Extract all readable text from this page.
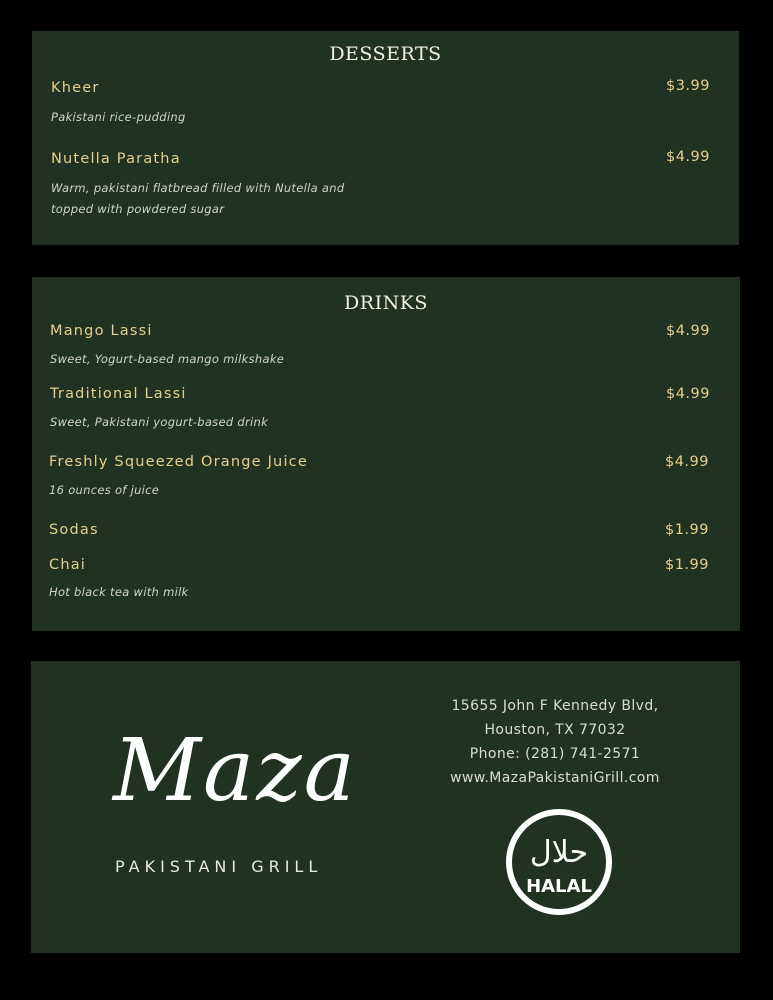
DESSERTS
Kheer	$3.99
Pakistani rice-pudding
Nutella Paratha	$4.99
Warm, pakistani flatbread filled with Nutella and
topped with powdered sugar
DRINKS
Mango Lassi	$4.99
Sweet, Yogurt-based mango milkshake
Traditional Lassi	$4.99
Sweet, Pakistani yogurt-based drink
Freshly Squeezed Orange Juice	$4.99
16 ounces of juice
Sodas	$1.99
Chai	$1.99
Hot black tea with milk
Maza
PAKISTANI GRILL
15655 John F Kennedy Blvd,
Houston, TX 77032
Phone: (281) 741-2571
www.MazaPakistaniGrill.com
حلال
HALAL
